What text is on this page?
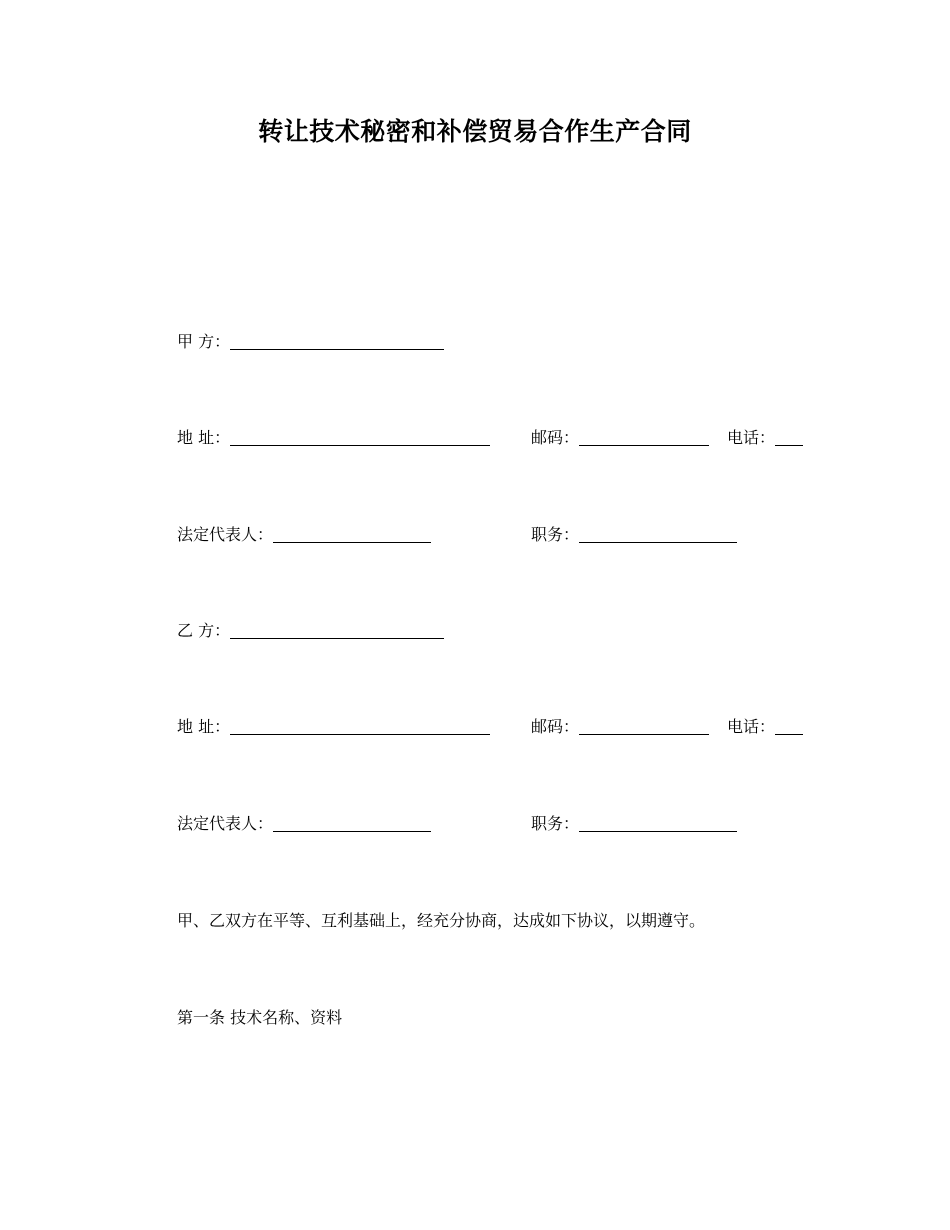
转让技术秘密和补偿贸易合作生产合同
甲 方：
地 址：	邮码：	电话：
法定代表人：	职务：
乙 方：
地 址：	邮码：	电话：
法定代表人：	职务：
甲、乙双方在平等、互利基础上，经充分协商，达成如下协议，以期遵守。
第一条 技术名称、资料
